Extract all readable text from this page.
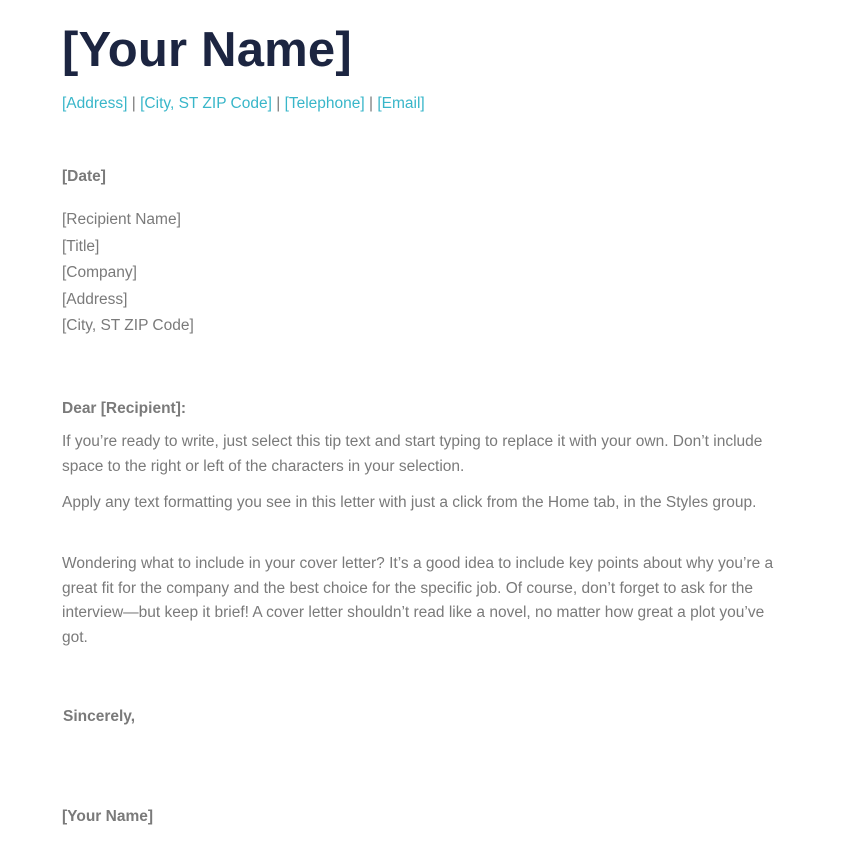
[Your Name]
[Address] | [City, ST ZIP Code] | [Telephone] | [Email]
[Date]
[Recipient Name]
[Title]
[Company]
[Address]
[City, ST ZIP Code]
Dear [Recipient]:
If you’re ready to write, just select this tip text and start typing to replace it with your own. Don’t include space to the right or left of the characters in your selection.
Apply any text formatting you see in this letter with just a click from the Home tab, in the Styles group.
Wondering what to include in your cover letter? It’s a good idea to include key points about why you’re a great fit for the company and the best choice for the specific job. Of course, don’t forget to ask for the interview—but keep it brief! A cover letter shouldn’t read like a novel, no matter how great a plot you’ve got.
Sincerely,
[Your Name]
